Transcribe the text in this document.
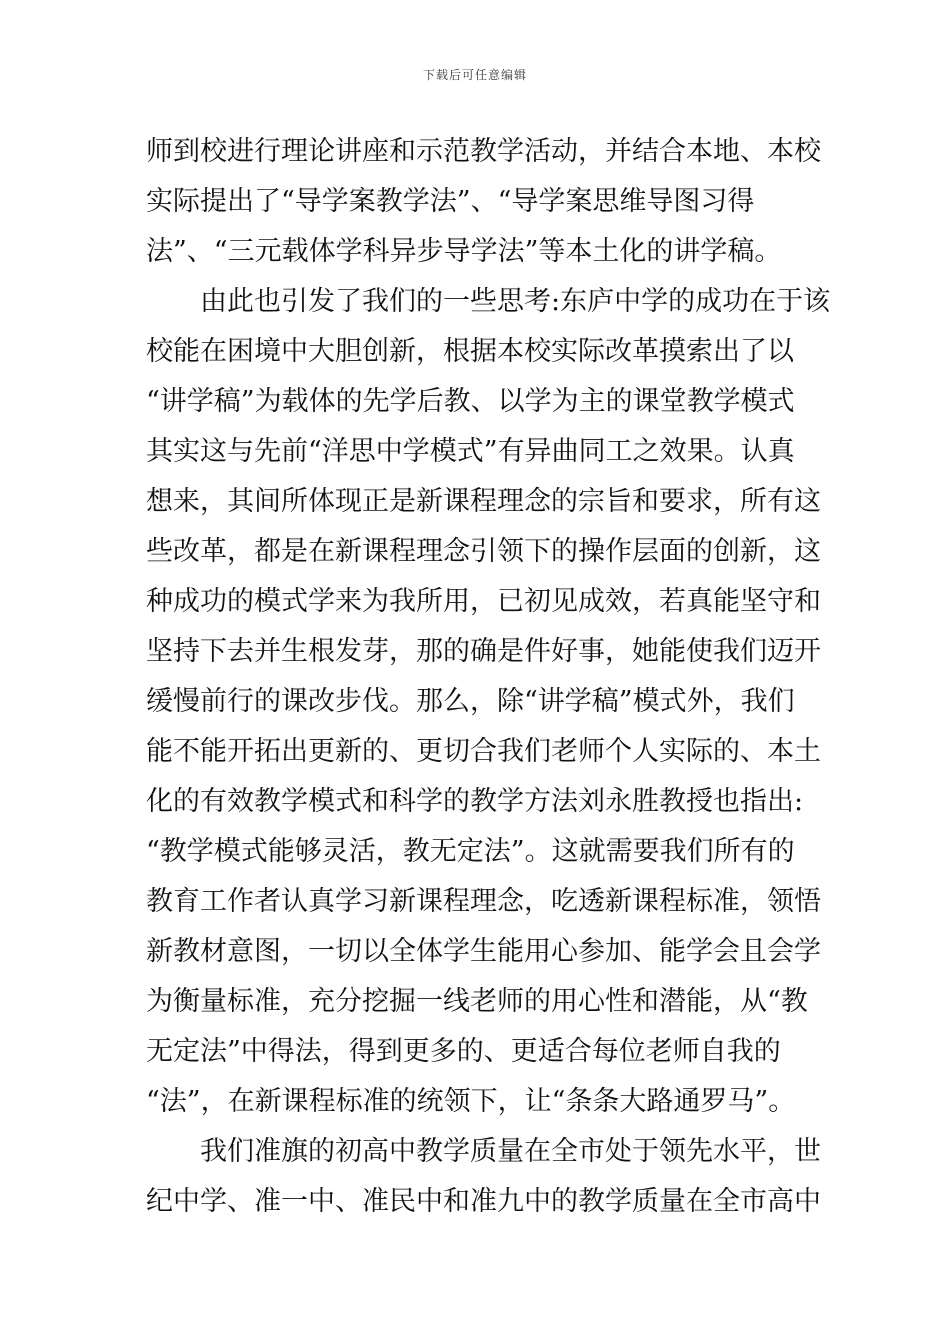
下载后可任意编辑
师到校进行理论讲座和示范教学活动，并结合本地、本校
实际提出了“导学案教学法”、“导学案思维导图习得
法”、“三元载体学科异步导学法”等本土化的讲学稿。
由此也引发了我们的一些思考:东庐中学的成功在于该
校能在困境中大胆创新，根据本校实际改革摸索出了以
“讲学稿”为载体的先学后教、以学为主的课堂教学模式
其实这与先前“洋思中学模式”有异曲同工之效果。认真
想来，其间所体现正是新课程理念的宗旨和要求，所有这
些改革，都是在新课程理念引领下的操作层面的创新，这
种成功的模式学来为我所用，已初见成效，若真能坚守和
坚持下去并生根发芽，那的确是件好事，她能使我们迈开
缓慢前行的课改步伐。那么，除“讲学稿”模式外，我们
能不能开拓出更新的、更切合我们老师个人实际的、本土
化的有效教学模式和科学的教学方法刘永胜教授也指出:
“教学模式能够灵活，教无定法”。这就需要我们所有的
教育工作者认真学习新课程理念，吃透新课程标准，领悟
新教材意图，一切以全体学生能用心参加、能学会且会学
为衡量标准，充分挖掘一线老师的用心性和潜能，从“教
无定法”中得法，得到更多的、更适合每位老师自我的
“法”，在新课程标准的统领下，让“条条大路通罗马”。
我们准旗的初高中教学质量在全市处于领先水平，世
纪中学、准一中、准民中和准九中的教学质量在全市高中
